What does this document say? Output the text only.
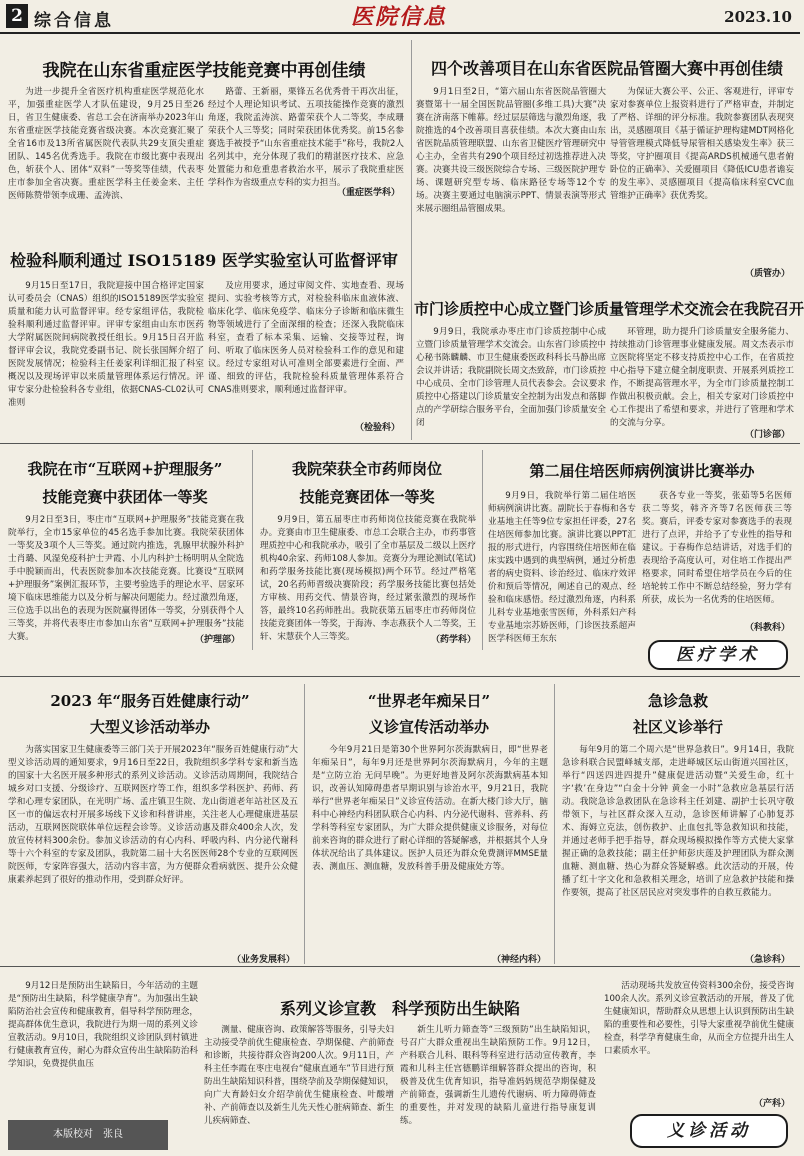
2 综合信息	医院信息	2023.10
我院在山东省重症医学技能竞赛中再创佳绩
为进一步提升全省医疗机构重症医学规范化水平，加强重症医学人才队伍建设，9月25日至26日，省卫生健康委、省总工会在济南举办2023年山东省重症医学技能竞赛省级决赛。本次竞赛汇聚了全省16市及13所省属医院代表队共29支顶尖重症团队、145名优秀选手。我院在市级比赛中表现出色，斩获个人、团体“双料”一等奖等佳绩，代表枣庄市参加全省决赛。重症医学科主任姜金来、主任医师陈赞带领李成珊、孟涛滨、
路蕾、王新丽，栗锋五名优秀骨干再次出征，经过个人理论知识考试、五项技能操作竞赛的激烈角逐，我院孟涛滨、路蕾荣获个人二等奖，李成珊荣获个人三等奖；同时荣获团体优秀奖。前15名参赛选手被授予“山东省重症技术能手”称号，我院2人名列其中，充分体现了我们的精湛医疗技术、应急处置能力和危重患者救治水平，展示了我院重症医学科作为省级重点专科的实力担当。
（重症医学科）
四个改善项目在山东省医院品管圈大赛中再创佳绩
9月1日至2日，“第六届山东省医院品管圈大赛暨第十一届全国医院品管圈(多维工具)大赛”决赛在济南落下帷幕。经过层层筛选与激烈角逐，我院推选的4个改善项目喜获佳绩。本次大赛由山东省医院品质管理联盟、山东省卫健医疗管理研究中心主办，全省共有290个项目经过初选推荐进入决赛。决赛共设三级医院综合专场、三级医院护理专场、课题研究型专场、临床路径专场等12个专场。决赛主要通过电脑演示PPT、情景表演等形式来展示圈组品管圈成果。
为保证大赛公平、公正、客观进行，评审专家对参赛单位上报资料进行了严格审查，并制定了严格、详细的评分标准。我院参赛团队表现突出，灵感圈项目《基于循证护理构建MDT网格化导管管理模式降低导尿管相关感染发生率》获三等奖，守护圈项目《提高ARDS机械通气患者俯卧位的正确率》、关爱圈项目《降低ICU患者谵妄的发生率》、灵感圈项目《提高临床科室CVC血管维护正确率》获优秀奖。
（质管办）
检验科顺利通过 ISO15189 医学实验室认可监督评审
9月15日至17日，我院迎接中国合格评定国家认可委员会（CNAS）组织的ISO15189医学实验室质量和能力认可监督评审。经专家组评估，我院检验科顺利通过监督评审。评审专家组由山东市医药大学附属医院间病院教授任组长。9月15日召开监督评审会议，我院党委副书记、院长张国辉介绍了医院发展情况；检验科主任姜家利详细汇报了科室概况以及现场评审以来质量管理体系运行情况。评审专家分赴检验科各专业组，依据CNAS-CL02认可准则
及应用要求，通过审阅文件、实地查看、现场提问、实验考核等方式，对检验科临床血液体液、临床化学、临床免疫学、临床分子诊断和临床微生物等领域进行了全面深细的检查；还深入我院临床科室，查看了标本采集、运输、交接等过程，询问、听取了临床医务人员对检验科工作的意见和建议。经过专家组对认可准则全部要素进行全面、严谨、细致的评估，我院检验科质量管理体系符合CNAS准则要求，顺利通过监督评审。
（检验科）
市门诊质控中心成立暨门诊质量管理学术交流会在我院召开
9月9日，我院承办枣庄市门诊质控制中心成立暨门诊质量管理学术交流会。山东省门诊质控中心秘书陈麟麟、市卫生健康委医政科科长马静出席会议并讲话；我院副院长周文杰致辞，市门诊质控中心成员、全市门诊管理人员代表参会。会议要求质控中心搭建以门诊质量安全控制为出发点和落脚点的产学研综合服务平台，全面加强门诊质量安全闭
环管理，助力提升门诊质量安全服务能力、持续推动门诊管理事业健康发展。周文杰表示市立医院将坚定不移支持质控中心工作，在省质控中心指导下建立健全制度职责、开展系列质控工作，不断提高管理水平，为全市门诊质量控制工作做出积极贡献。会上，相关专家对门诊质控中心工作提出了希望和要求，并进行了管理和学术的交流与分享。
（门诊部）
我院在市“互联网+护理服务”
技能竞赛中获团体一等奖
9月2日至3日，枣庄市“互联网+护理服务”技能竞赛在我院举行，全市15家单位的45名选手参加比赛。我院荣获团体一等奖及3项个人三等奖。通过院内推选，乳腺甲状腺外科护士肖璐、风湿免疫科护士尹霞、小儿内科护士杨明明从全院选手中脱颖而出，代表医院参加本次技能竞赛。比赛设“互联网+护理服务”案例汇报环节，主要考验选手的理论水平、居家环境下临床思维能力以及分析与解决问题能力。经过激烈角逐，三位选手以出色的表现为医院赢得团体一等奖，分别获得个人三等奖，并将代表枣庄市参加山东省“互联网+护理服务”技能大赛。	（护理部）
我院荣获全市药师岗位
技能竞赛团体一等奖
9月9日，第五届枣庄市药师岗位技能竞赛在我院举办。竞赛由市卫生健康委、市总工会联合主办，市药事管理质控中心和我院承办，吸引了全市基层及二级以上医疗机构40余家、药师108人参加。竞赛分为理论测试(笔试)和药学服务技能比赛(现场模拟)两个环节。经过严格笔试，20名药师晋级决赛阶段；药学服务技能比赛包括处方审核、用药交代、情景咨询，经过紧张激烈的现场作答，最终10名药师胜出。我院获第五届枣庄市药师岗位技能竞赛团体一等奖，于海涛、李志燕获个人二等奖，王轩、宋慧获个人三等奖。	（药学科）
第二届住培医师病例演讲比赛举办
9月9日，我院举行第二届住培医师病例演讲比赛。副院长于春梅和各专业基地主任等9位专家担任评委，27名住培医师参加比赛。演讲比赛以PPT汇报的形式进行，内容围绕住培医师在临床实践中遇到的典型病例，通过分析患者的病史资料、诊治经过、临床疗效评价和预后等情况，阐述自己的观点、经验和临床感悟。经过激烈角逐，内科系儿科专业基地张雪医师，外科系妇产科专业基地宗苏娇医师，门诊医技系超声医学科医师王东东
获各专业一等奖，张茹等5名医师获二等奖，韩齐齐等7名医师获三等奖。赛后，评委专家对参赛选手的表现进行了点评，并给予了专业性的指导和建议。于春梅作总结讲话，对选手们的表现给予高度认可，对住培工作提出严格要求，同时希望住培学员在今后的住培轮转工作中不断总结经验，努力学有所获，成长为一名优秀的住培医师。
（科教科）
医疗学术
2023 年“服务百姓健康行动”
大型义诊活动举办
为落实国家卫生健康委等三部门关于开展2023年“服务百姓健康行动”大型义诊活动周的通知要求，9月16日至22日，我院组织多学科专家和新当选的国家十大名医开展多种形式的系列义诊活动。义诊活动周期间，我院结合城乡对口支援、分级诊疗、互联网医疗等工作，组织多学科医护、药师、药学和心理专家团队，在光明广场、孟庄镇卫生院、龙山街道老年站社区及五区一市的偏远农村开展多场线下义诊和科普讲座，关注老人心理健康进基层活动，互联网医院联体单位远程会诊等。义诊活动惠及群众400余人次，发放宣传材料300余份。参加义诊活动的有心内科、呼吸内科、内分泌代谢科等十六个科室的专家及团队，我院第二届十大名医医师28个专业的互联网医院医师，专家阵容强大，活动内容丰富，为方便群众看病就医、提升公众健康素养起到了很好的推动作用，受到群众好评。
（业务发展科）
“世界老年痴呆日”
义诊宣传活动举办
今年9月21日是第30个世界阿尔茨海默病日，即“世界老年痴呆日”，每年9月还是世界阿尔茨海默病月，今年的主题是“立防立治 无问早晚”。为更好地普及阿尔茨海默病基本知识，改善认知障碍患者早期识别与诊治水平，9月21日，我院举行“世界老年痴呆日”义诊宣传活动。在新大楼门诊大厅，脑科中心神经内科团队联合心内科、内分泌代谢科、营养科、药学科等科室专家团队，为广大群众提供健康义诊服务，对每位前来咨询的群众进行了耐心详细的答疑解惑，并根据其个人身体状况给出了具体建议。医护人员还为群众免费测评MMSE量表、测血压、测血糖，发放科普手册及健康处方等。
（神经内科）
急诊急救
社区义诊举行
每年9月的第二个周六是“世界急救日”。9月14日，我院急诊科联合民盟峄城支部，走进峄城区坛山街道兴国社区，举行“四送四进四提升”健康促进活动暨“关爱生命，红十字‘救’在身边”“白金十分钟 黄金一小时”急救应急基层行活动。我院急诊急救团队在急诊科主任刘建、副护士长巩守敬带领下，与社区群众深入互动，急诊医师讲解了心肺复苏术、海姆立克法，创伤救护、止血包扎等急救知识和技能，并通过老师手把手指导，群众现场模拟操作等方式使大家掌握正确的急救技能；副主任护师彭庆莲及护理团队为群众测血糖、测血糖、热心为群众答疑解惑。此次活动的开展，传播了红十字文化和急救相关理念，培训了应急救护技能和操作要领，提高了社区居民应对突发事件的自救互救能力。
（急诊科）
系列义诊宣教　科学预防出生缺陷
9月12日是预防出生缺陷日，今年活动的主题是“预防出生缺陷，科学健康孕育”。为加强出生缺陷防治社会宣传和健康教育，倡导科学预防理念，提高群体优生意识，我院进行为期一周的系列义诊宣教活动。9月10日，我院组织义诊团队到村镇进行健康教育宣传，耐心为群众宣传出生缺陷防治科学知识，免费提供血压
测量、健康咨询、政策解答等服务，引导夫妇主动接受孕前优生健康检查、孕期保健、产前筛查和诊断，共接待群众咨询200人次。9月11日，产科主任李霞在枣庄电视台“健康直通车”节目进行预防出生缺陷知识科普，围绕孕前及孕期保健知识，向广大育龄妇女介绍孕前优生健康检查、叶酸增补、产前筛查以及新生儿先天性心脏病筛查、新生儿疾病筛查、
新生儿听力筛查等“三级预防”出生缺陷知识，号召广大群众重视出生缺陷预防工作。9月12日，产科联合儿科、眼科等科室进行活动宣传教育，李霞和儿科主任宫德鹏详细解答群众提出的咨询，积极普及优生优育知识，指导准妈妈规范孕期保健及产前筛查，强调新生儿遗传代谢病、听力障碍筛查的重要性，并对发现的缺陷儿童进行指导康复训练。
活动现场共发放宣传资料300余份，接受咨询100余人次。系列义诊宣教活动的开展，普及了优生健康知识，帮助群众从思想上认识到预防出生缺陷的重要性和必要性，引导大家重视孕前优生健康检查，科学孕育健康生命，从而全方位提升出生人口素质水平。
（产科）
义诊活动
本版校对　张良
